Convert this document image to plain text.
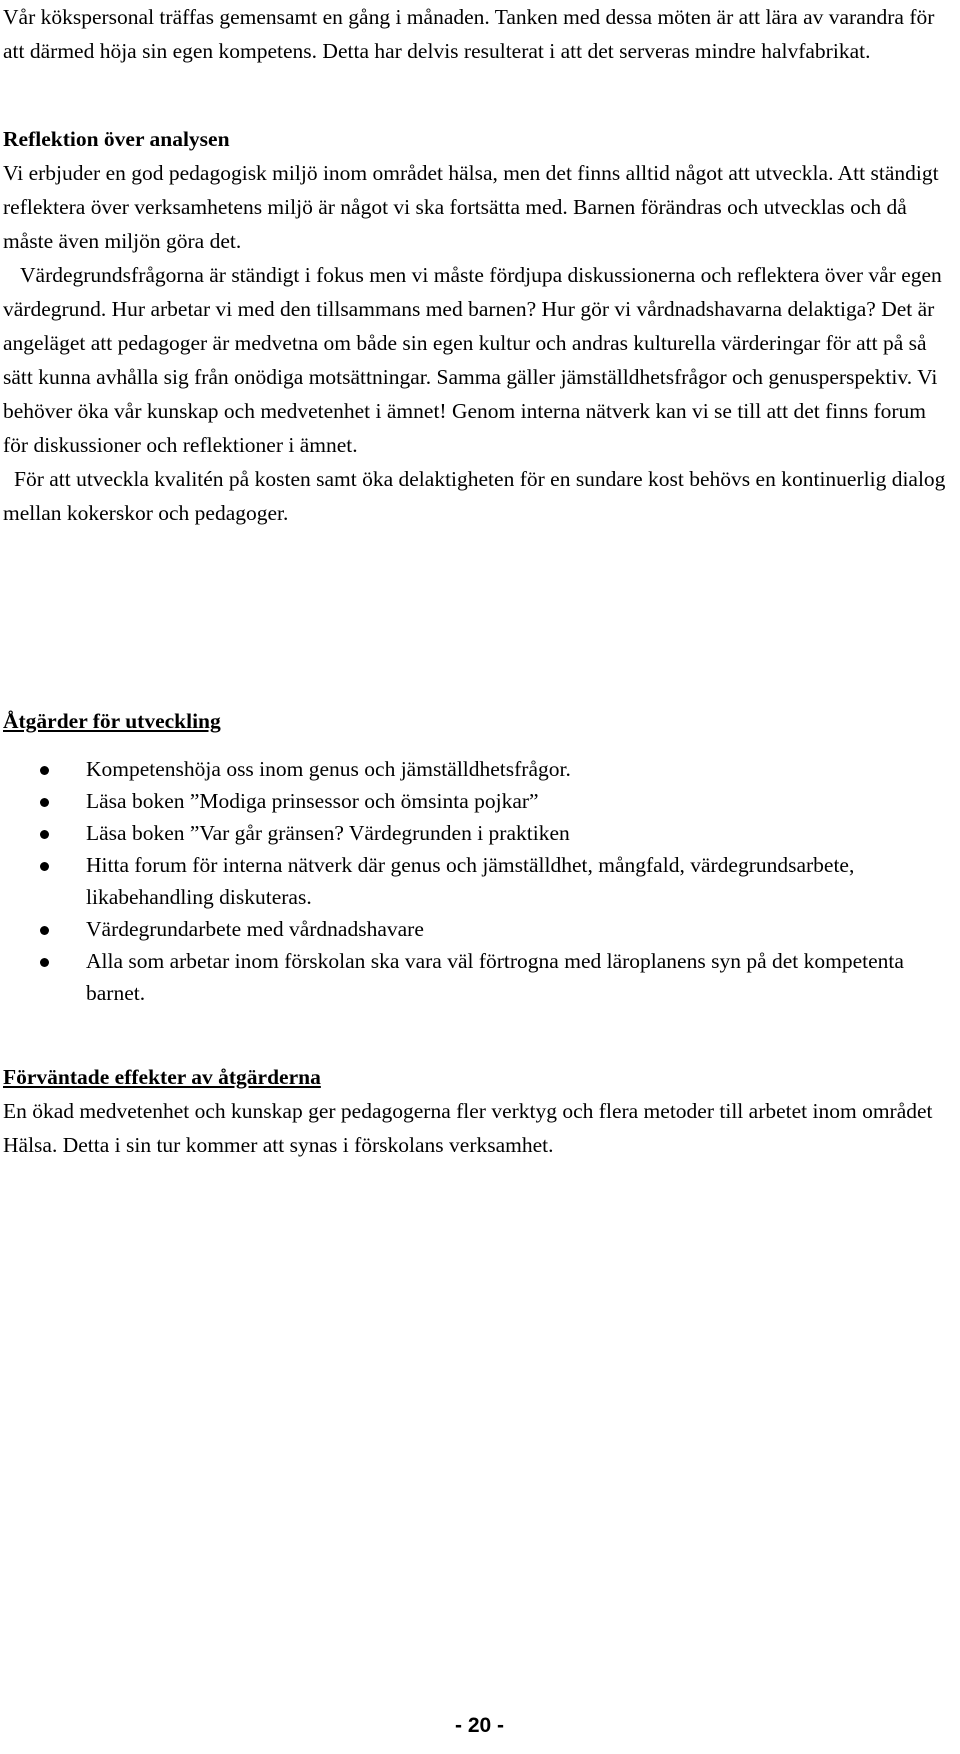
Vår kökspersonal träffas gemensamt en gång i månaden. Tanken med dessa möten är att lära av varandra för att därmed höja sin egen kompetens. Detta har delvis resulterat i att det serveras mindre halvfabrikat.

Reflektion över analysen

Vi erbjuder en god pedagogisk miljö inom området hälsa, men det finns alltid något att utveckla. Att ständigt reflektera över verksamhetens miljö är något vi ska fortsätta med. Barnen förändras och utvecklas och då måste även miljön göra det.

Värdegrundsfrågorna är ständigt i fokus men vi måste fördjupa diskussionerna och reflektera över vår egen värdegrund. Hur arbetar vi med den tillsammans med barnen? Hur gör vi vårdnadshavarna delaktiga? Det är angeläget att pedagoger är medvetna om både sin egen kultur och andras kulturella värderingar för att på så sätt kunna avhålla sig från onödiga motsättningar. Samma gäller jämställdhetsfrågor och genusperspektiv. Vi behöver öka vår kunskap och medvetenhet i ämnet! Genom interna nätverk kan vi se till att det finns forum för diskussioner och reflektioner i ämnet.

För att utveckla kvalitén på kosten samt öka delaktigheten för en sundare kost behövs en kontinuerlig dialog mellan kokerskor och pedagoger.

Åtgärder för utveckling

Kompetenshöja oss inom genus och jämställdhetsfrågor.
Läsa boken ”Modiga prinsessor och ömsinta pojkar”
Läsa boken ”Var går gränsen? Värdegrunden i praktiken
Hitta forum för interna nätverk där genus och jämställdhet, mångfald, värdegrundsarbete, likabehandling diskuteras.
Värdegrundarbete med vårdnadshavare
Alla som arbetar inom förskolan ska vara väl förtrogna med läroplanens syn på det kompetenta barnet.

Förväntade effekter av åtgärderna

En ökad medvetenhet och kunskap ger pedagogerna fler verktyg och flera metoder till arbetet inom området Hälsa. Detta i sin tur kommer att synas i förskolans verksamhet.

- 20 -
